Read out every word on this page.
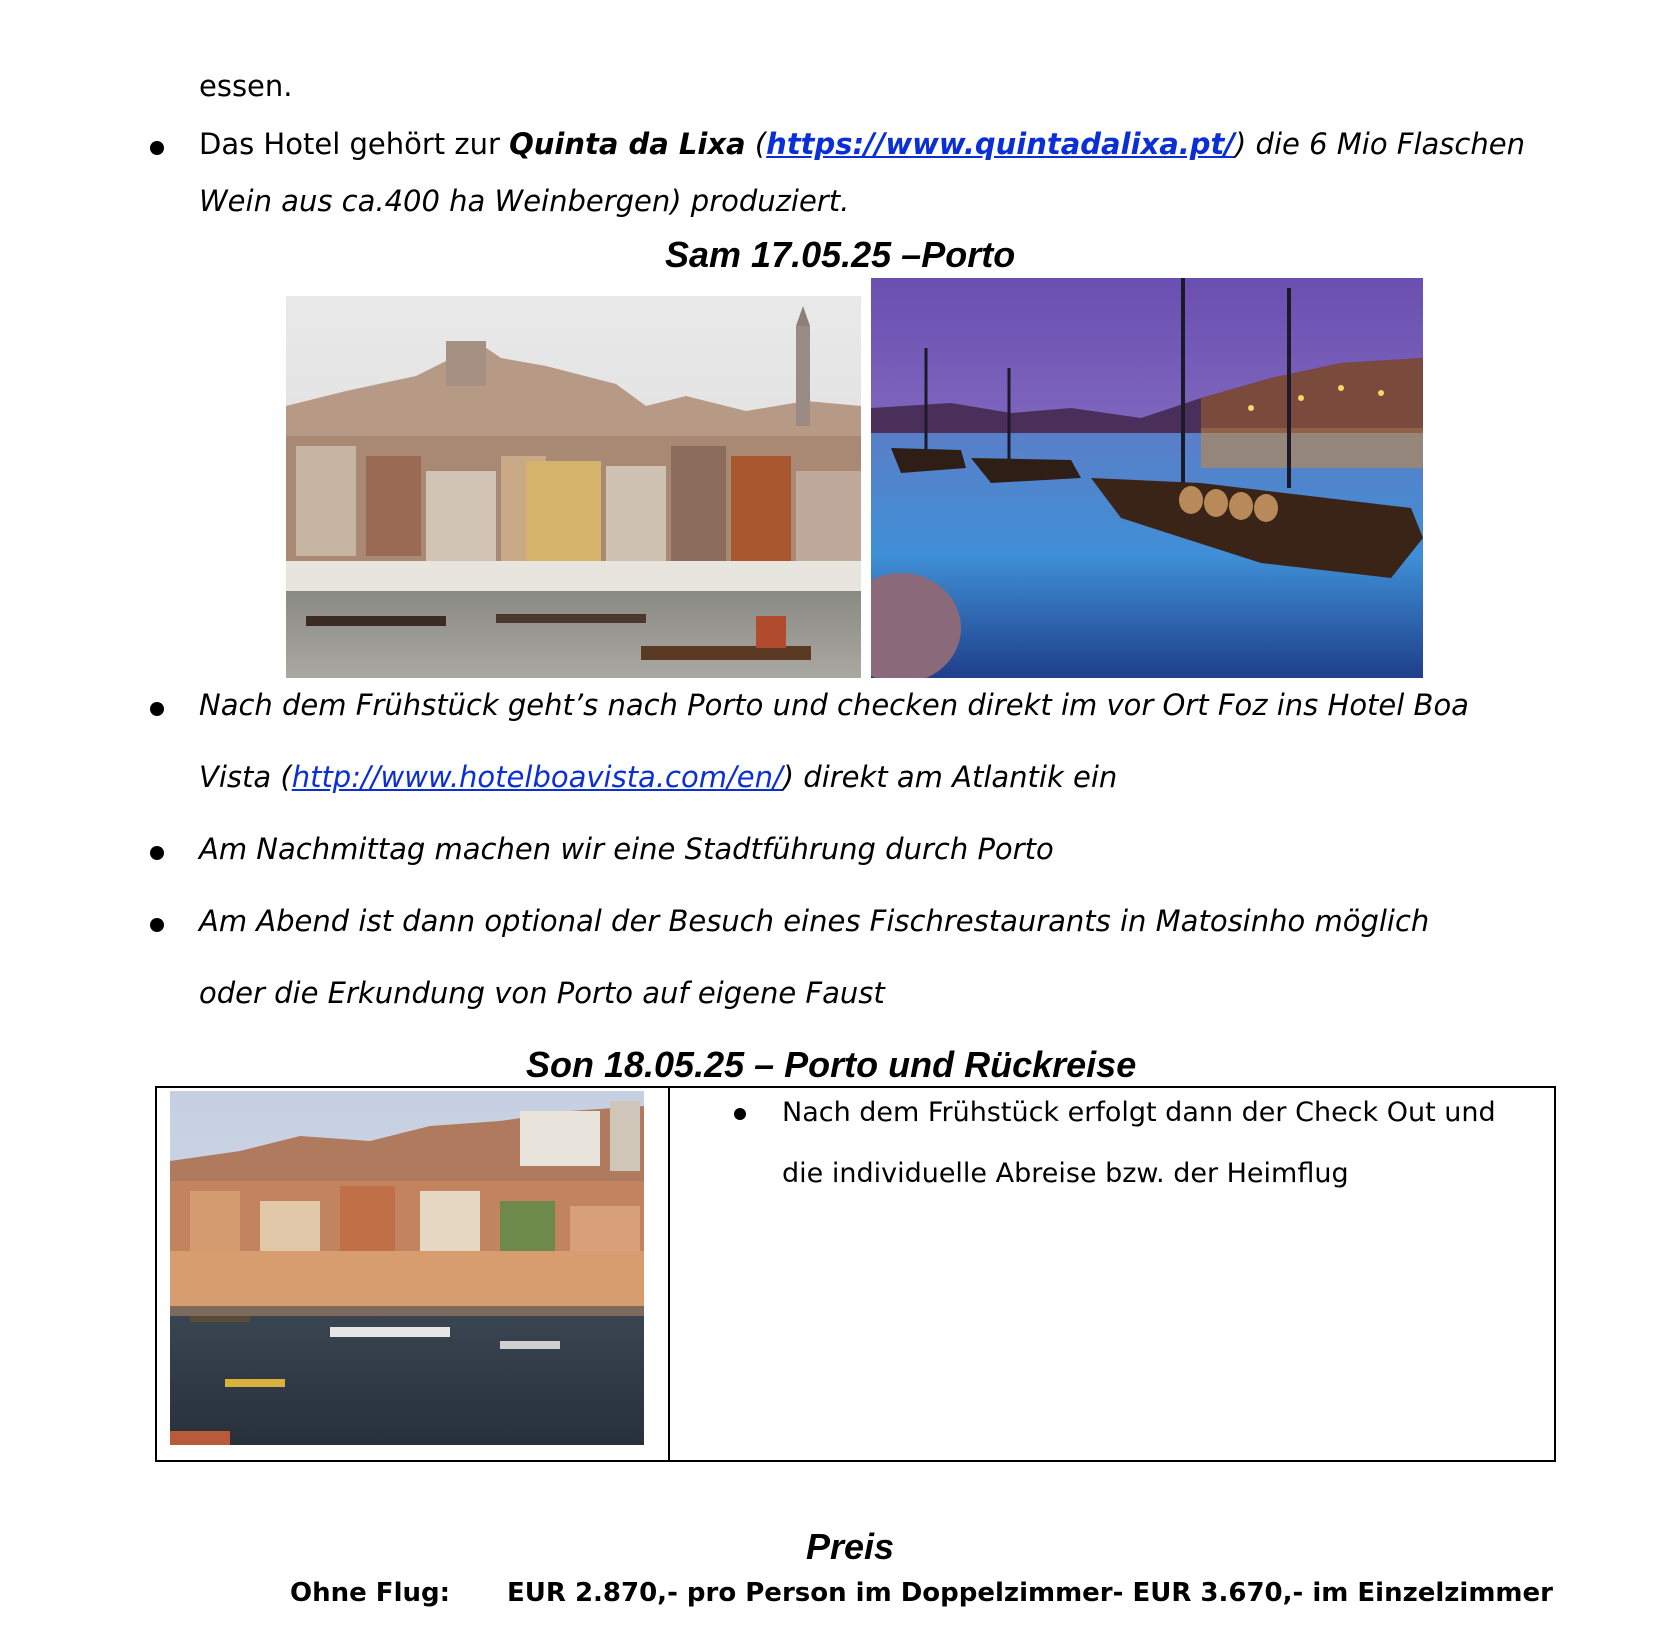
essen.
Das Hotel gehört zur Quinta da Lixa (https://www.quintadalixa.pt/) die 6 Mio Flaschen
Wein aus ca.400 ha Weinbergen) produziert.
Sam 17.05.25 –Porto
Nach dem Frühstück geht’s nach Porto und checken direkt im vor Ort Foz ins Hotel Boa
Vista (http://www.hotelboavista.com/en/) direkt am Atlantik ein
Am Nachmittag machen wir eine Stadtführung durch Porto
Am Abend ist dann optional der Besuch eines Fischrestaurants in Matosinho möglich
oder die Erkundung von Porto auf eigene Faust
Son 18.05.25 – Porto und Rückreise
Nach dem Frühstück erfolgt dann der Check Out und
die individuelle Abreise bzw. der Heimflug
Preis
Ohne Flug: EUR 2.870,- pro Person im Doppelzimmer- EUR 3.670,- im Einzelzimmer
